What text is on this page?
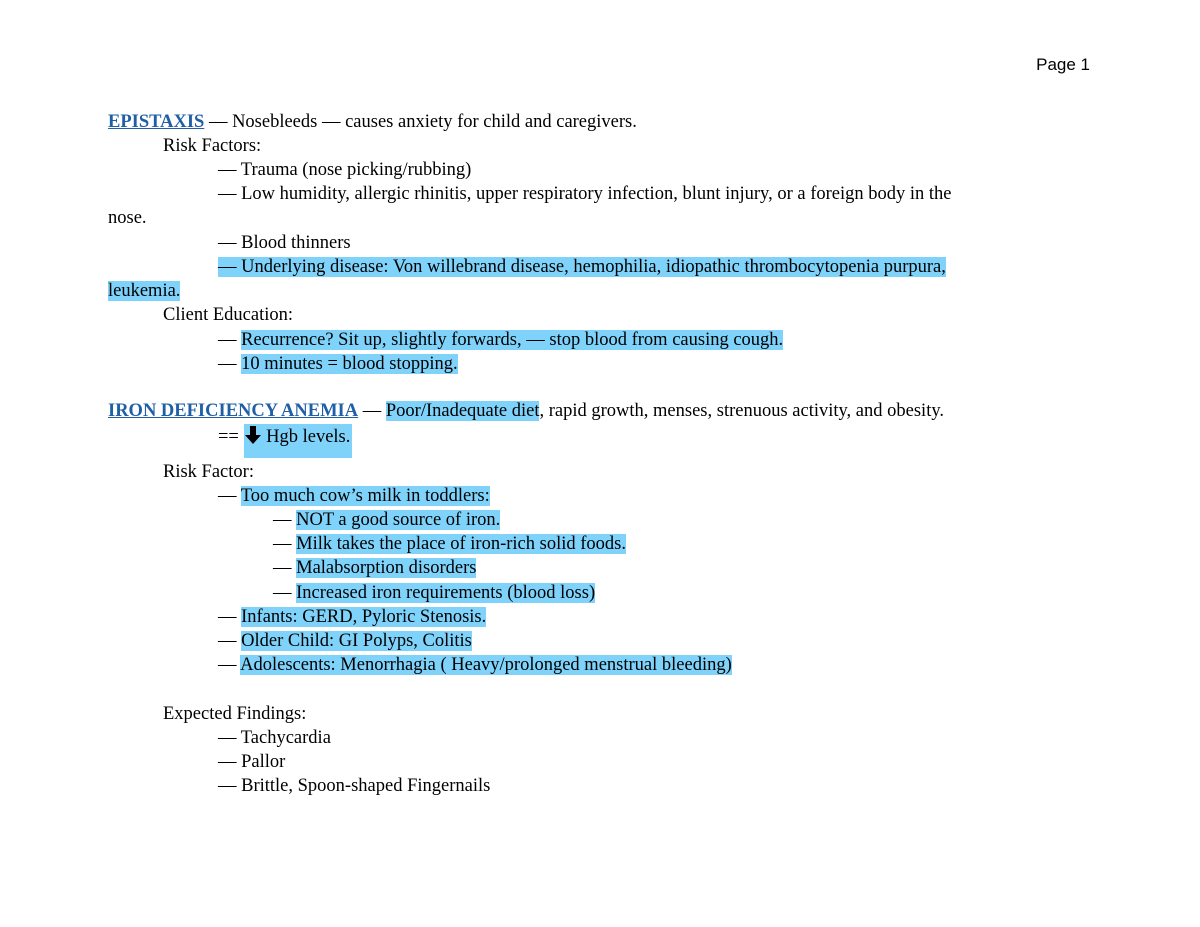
Page 1
EPISTAXIS — Nosebleeds — causes anxiety for child and caregivers.
Risk Factors:
— Trauma (nose picking/rubbing)
— Low humidity, allergic rhinitis, upper respiratory infection, blunt injury, or a foreign body in the
nose.
— Blood thinners
— Underlying disease: Von willebrand disease, hemophilia, idiopathic thrombocytopenia purpura,
leukemia.
Client Education:
— Recurrence? Sit up, slightly forwards, — stop blood from causing cough.
— 10 minutes = blood stopping.
IRON DEFICIENCY ANEMIA — Poor/Inadequate diet, rapid growth, menses, strenuous activity, and obesity.
==  Hgb levels.
Risk Factor:
— Too much cow’s milk in toddlers:
— NOT a good source of iron.
— Milk takes the place of iron-rich solid foods.
— Malabsorption disorders
— Increased iron requirements (blood loss)
— Infants: GERD, Pyloric Stenosis.
— Older Child: GI Polyps, Colitis
— Adolescents: Menorrhagia ( Heavy/prolonged menstrual bleeding)
Expected Findings:
— Tachycardia
— Pallor
— Brittle, Spoon-shaped Fingernails
